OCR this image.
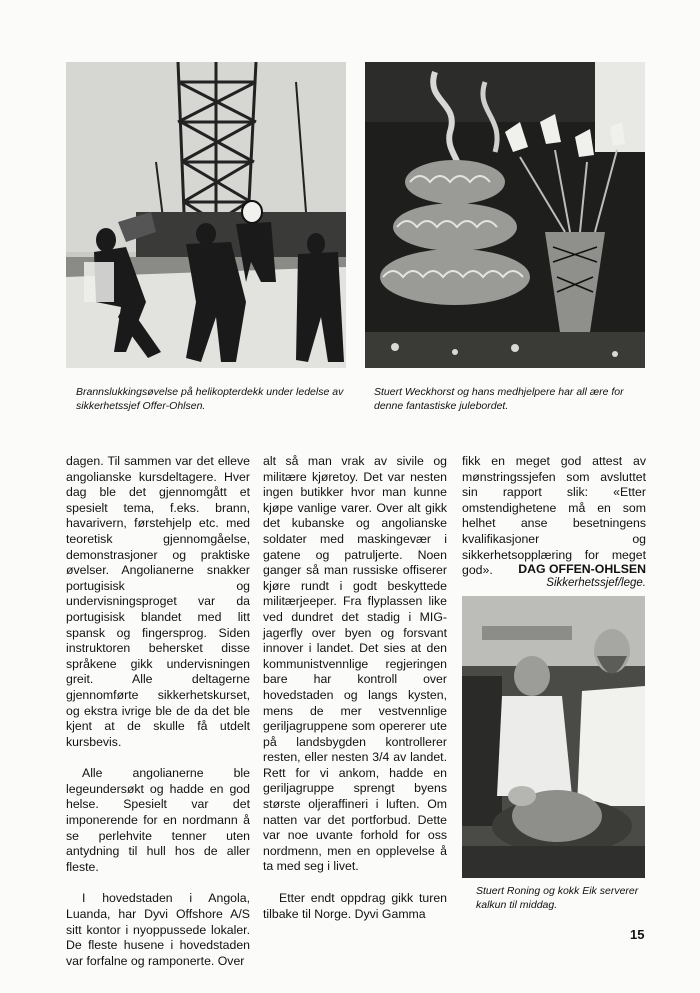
Brannslukkingsøvelse på helikopterdekk under ledelse av sikkerhetssjef Offer-Ohlsen.
Stuert Weckhorst og hans medhjelpere har all ære for denne fantastiske julebordet.

dagen. Til sammen var det elleve angolianske kursdeltagere. Hver dag ble det gjennomgått et spesielt tema, f.eks. brann, havarivern, førstehjelp etc. med teoretisk gjennomgåelse, demonstrasjoner og praktiske øvelser. Angolianerne snakker portugisisk og undervisningsproget var da portugisisk blandet med litt spansk og fingersprog. Siden instruktoren behersket disse språkene gikk undervisningen greit. Alle deltagerne gjennomførte sikkerhetskurset, og ekstra ivrige ble de da det ble kjent at de skulle få utdelt kursbevis.

Alle angolianerne ble legeundersøkt og hadde en god helse. Spesielt var det imponerende for en nordmann å se perlehvite tenner uten antydning til hull hos de aller fleste.

I hovedstaden i Angola, Luanda, har Dyvi Offshore A/S sitt kontor i nyoppussede lokaler. De fleste husene i hovedstaden var forfalne og ramponerte. Over

alt så man vrak av sivile og militære kjøretoy. Det var nesten ingen butikker hvor man kunne kjøpe vanlige varer. Over alt gikk det kubanske og angolianske soldater med maskingevær i gatene og patruljerte. Noen ganger så man russiske offiserer kjøre rundt i godt beskyttede militærjeeper. Fra flyplassen like ved dundret det stadig i MIG-jagerfly over byen og forsvant innover i landet. Det sies at den kommunistvennlige regjeringen bare har kontroll over hovedstaden og langs kysten, mens de mer vestvennlige geriljagruppene som opererer ute på landsbygden kontrollerer resten, eller nesten 3/4 av landet. Rett for vi ankom, hadde en geriljagruppe sprengt byens største oljeraffineri i luften. Om natten var det portforbud. Dette var noe uvante forhold for oss nordmenn, men en opplevelse å ta med seg i livet.

Etter endt oppdrag gikk turen tilbake til Norge. Dyvi Gamma

fikk en meget god attest av mønstringssjefen som avsluttet sin rapport slik: «Etter omstendighetene må en som helhet anse besetningens kvalifikasjoner og sikkerhetsopplæring for meget god».	DAG OFFEN-OHLSEN
Sikkerhetssjef/lege.
Stuert Roning og kokk Eik serverer kalkun til middag.
15
